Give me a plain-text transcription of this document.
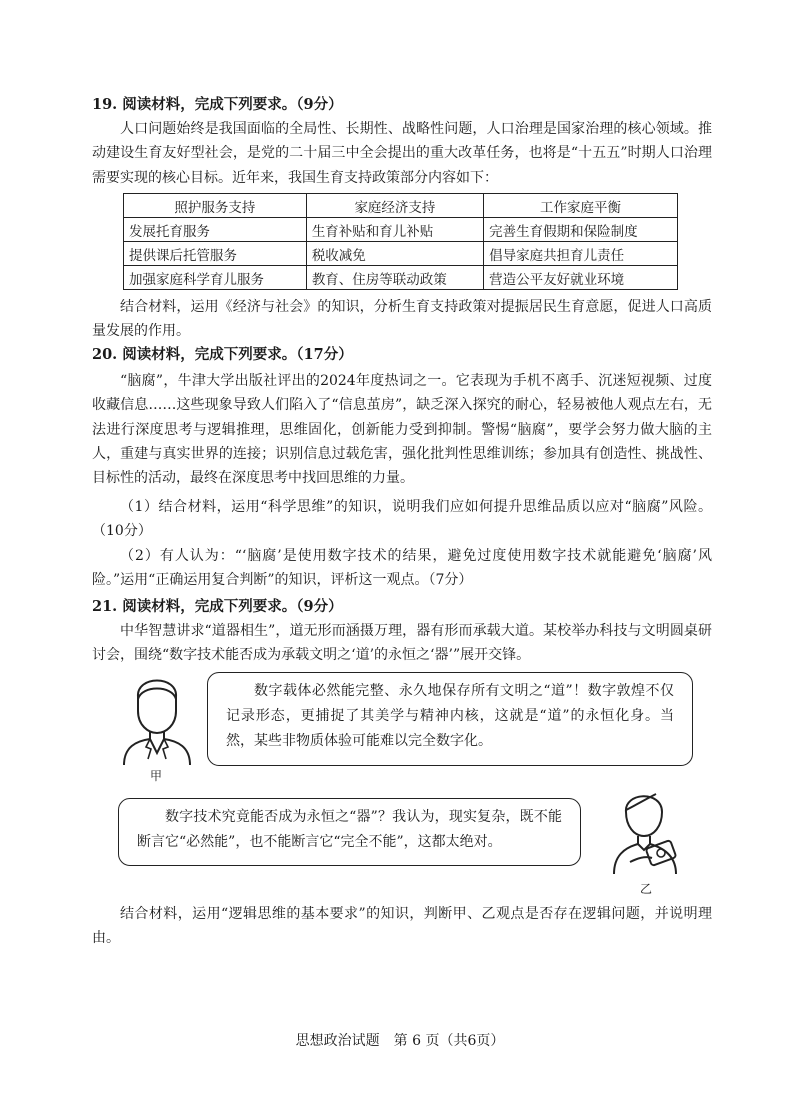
19. 阅读材料，完成下列要求。（9分）

人口问题始终是我国面临的全局性、长期性、战略性问题，人口治理是国家治理的核心领域。推动建设生育友好型社会，是党的二十届三中全会提出的重大改革任务，也将是“十五五”时期人口治理需要实现的核心目标。近年来，我国生育支持政策部分内容如下：

照护服务支持	家庭经济支持	工作家庭平衡
发展托育服务	生育补贴和育儿补贴	完善生育假期和保险制度
提供课后托管服务	税收减免	倡导家庭共担育儿责任
加强家庭科学育儿服务	教育、住房等联动政策	营造公平友好就业环境

结合材料，运用《经济与社会》的知识，分析生育支持政策对提振居民生育意愿，促进人口高质量发展的作用。

20. 阅读材料，完成下列要求。（17分）

“脑腐”，牛津大学出版社评出的2024年度热词之一。它表现为手机不离手、沉迷短视频、过度收藏信息……这些现象导致人们陷入了“信息茧房”，缺乏深入探究的耐心，轻易被他人观点左右，无法进行深度思考与逻辑推理，思维固化，创新能力受到抑制。警惕“脑腐”，要学会努力做大脑的主人，重建与真实世界的连接；识别信息过载危害，强化批判性思维训练；参加具有创造性、挑战性、目标性的活动，最终在深度思考中找回思维的力量。

（1）结合材料，运用“科学思维”的知识，说明我们应如何提升思维品质以应对“脑腐”风险。（10分）
（2）有人认为：“‘脑腐’是使用数字技术的结果，避免过度使用数字技术就能避免‘脑腐’风险。”运用“正确运用复合判断”的知识，评析这一观点。（7分）
21. 阅读材料，完成下列要求。（9分）

中华智慧讲求“道器相生”，道无形而涵摄万理，器有形而承载大道。某校举办科技与文明圆桌研讨会，围绕“数字技术能否成为承载文明之‘道’的永恒之‘器’”展开交锋。

甲

数字载体必然能完整、永久地保存所有文明之“道”！数字敦煌不仅记录形态，更捕捉了其美学与精神内核，这就是“道”的永恒化身。当然，某些非物质体验可能难以完全数字化。

数字技术究竟能否成为永恒之“器”？我认为，现实复杂，既不能断言它“必然能”，也不能断言它“完全不能”，这都太绝对。

乙

结合材料，运用“逻辑思维的基本要求”的知识，判断甲、乙观点是否存在逻辑问题，并说明理由。

思想政治试题　第 6 页（共6页）
